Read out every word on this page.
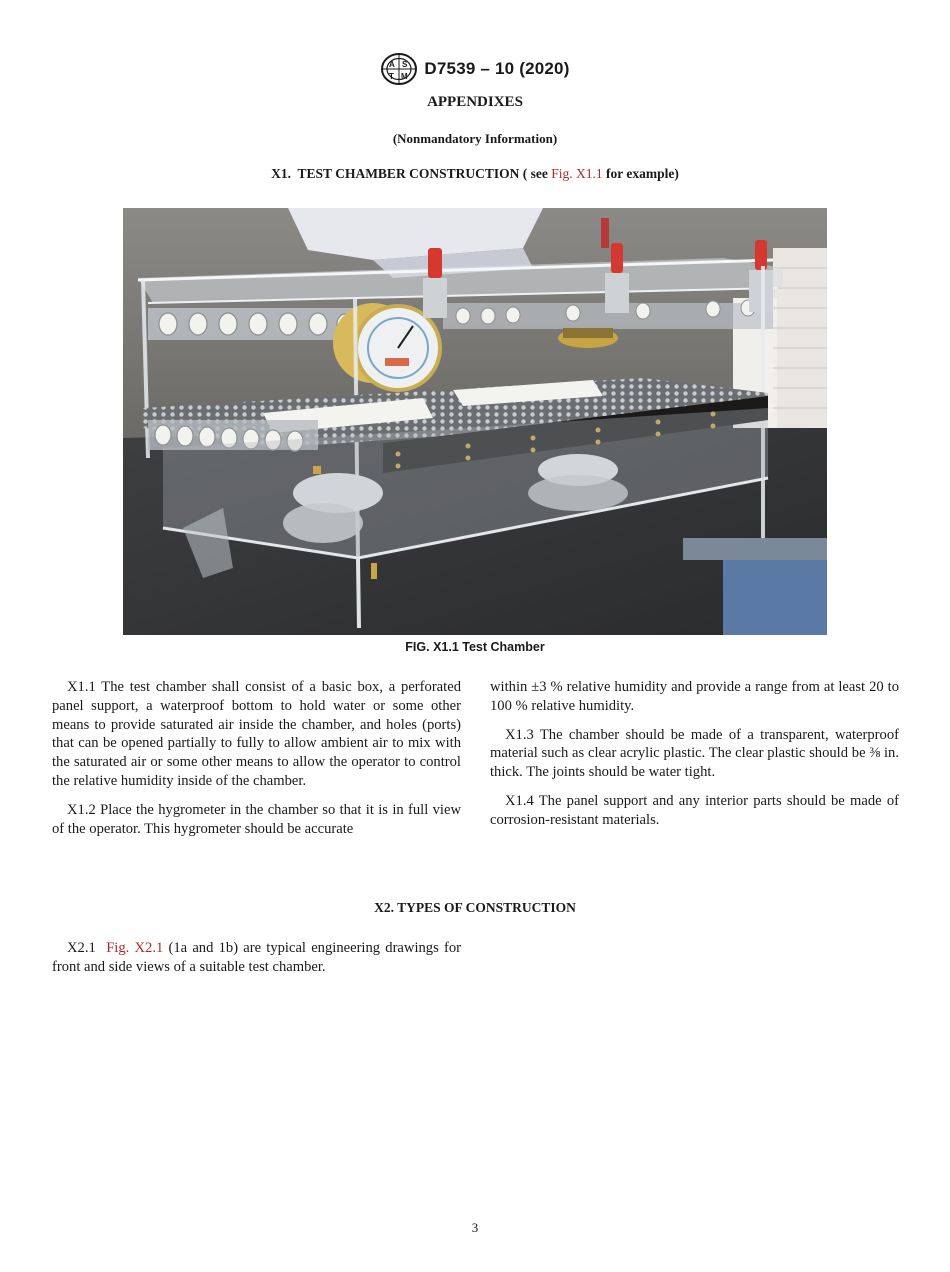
A S
T M D7539 – 10 (2020)
APPENDIXES
(Nonmandatory Information)
X1.  TEST CHAMBER CONSTRUCTION ( see Fig. X1.1 for example)
FIG. X1.1 Test Chamber

X1.1 The test chamber shall consist of a basic box, a perforated panel support, a waterproof bottom to hold water or some other means to provide saturated air inside the chamber, and holes (ports) that can be opened partially to fully to allow ambient air to mix with the saturated air or some other means to allow the operator to control the relative humidity inside of the chamber.

X1.2 Place the hygrometer in the chamber so that it is in full view of the operator. This hygrometer should be accurate

within ±3 % relative humidity and provide a range from at least 20 to 100 % relative humidity.

X1.3 The chamber should be made of a transparent, waterproof material such as clear acrylic plastic. The clear plastic should be ⅜ in. thick. The joints should be water tight.

X1.4 The panel support and any interior parts should be made of corrosion-resistant materials.

X2. TYPES OF CONSTRUCTION

X2.1  Fig. X2.1 (1a and 1b) are typical engineering drawings for front and side views of a suitable test chamber.

3
